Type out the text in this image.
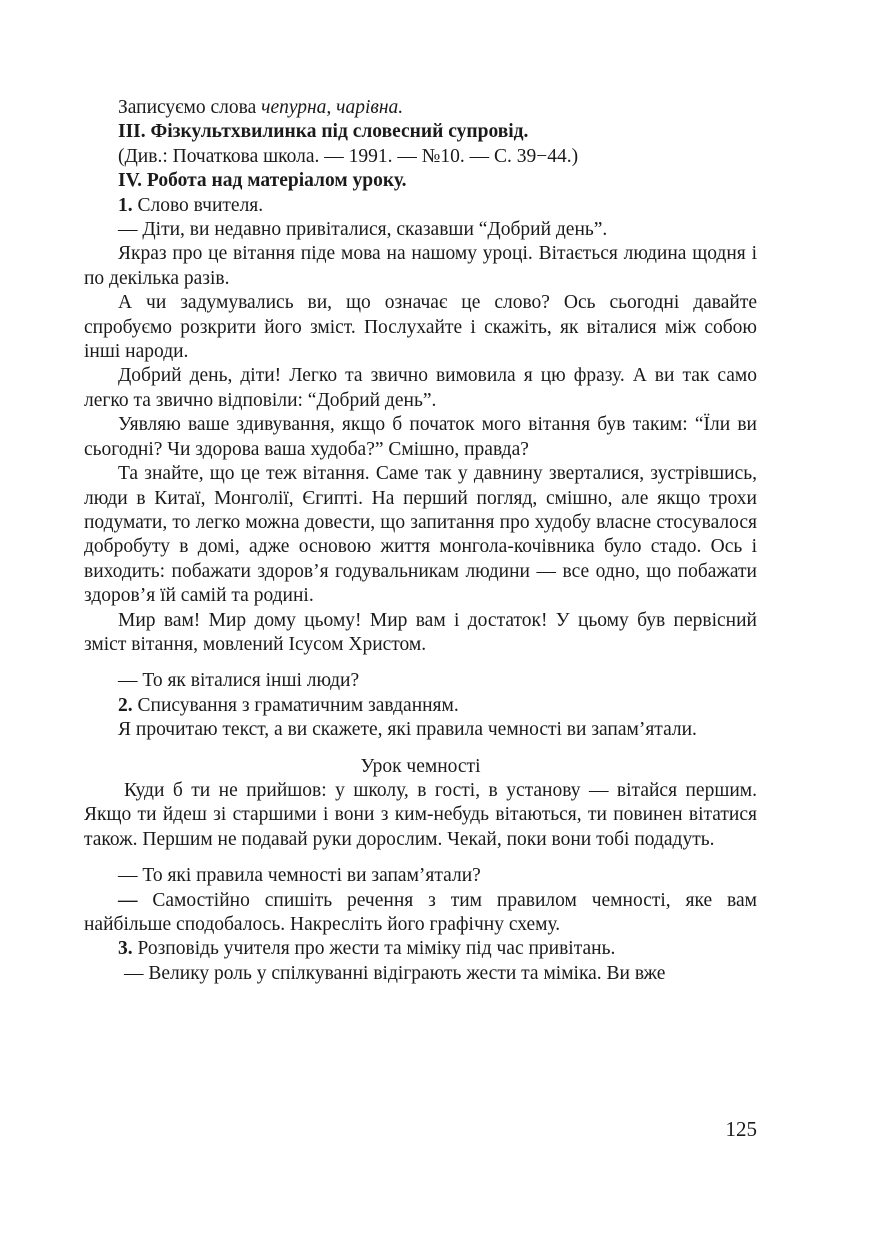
Записуємо слова чепурна, чарівна.
ІІІ. Фізкультхвилинка під словесний супровід.
(Див.: Початкова школа. — 1991. — №10. — С. 39−44.)
IV. Робота над матеріалом уроку.
1. Слово вчителя.
— Діти, ви недавно привіталися, сказавши “Добрий день”.
Якраз про це вітання піде мова на нашому уроці. Вітається людина щодня і по декілька разів.
А чи задумувались ви, що означає це слово? Ось сьогодні давайте спробуємо розкрити його зміст. Послухайте і скажіть, як віталися між собою інші народи.
Добрий день, діти! Легко та звично вимовила я цю фразу. А ви так само легко та звично відповіли: “Добрий день”.
Уявляю ваше здивування, якщо б початок мого вітання був таким: “Їли ви сьогодні? Чи здорова ваша худоба?” Смішно, правда?
Та знайте, що це теж вітання. Саме так у давнину зверталися, зустрівшись, люди в Китаї, Монголії, Єгипті. На перший погляд, смішно, але якщо трохи подумати, то легко можна довести, що запитання про худобу власне стосувалося добробуту в домі, адже основою життя монгола-кочівника було стадо. Ось і виходить: побажати здоров’я годувальникам людини — все одно, що побажати здоров’я їй самій та родині.
Мир вам! Мир дому цьому! Мир вам і достаток! У цьому був первісний зміст вітання, мовлений Ісусом Христом.
— То як віталися інші люди?
2. Списування з граматичним завданням.
Я прочитаю текст, а ви скажете, які правила чемності ви запам’ятали.
Урок чемності
Куди б ти не прийшов: у школу, в гості, в установу — вітайся першим. Якщо ти йдеш зі старшими і вони з ким-небудь вітаються, ти повинен вітатися також. Першим не подавай руки дорослим. Чекай, поки вони тобі подадуть.
— То які правила чемності ви запам’ятали?
— Самостійно спишіть речення з тим правилом чемності, яке вам найбільше сподобалось. Накресліть його графічну схему.
3. Розповідь учителя про жести та міміку під час привітань.
— Велику роль у спілкуванні відіграють жести та міміка. Ви вже
125
